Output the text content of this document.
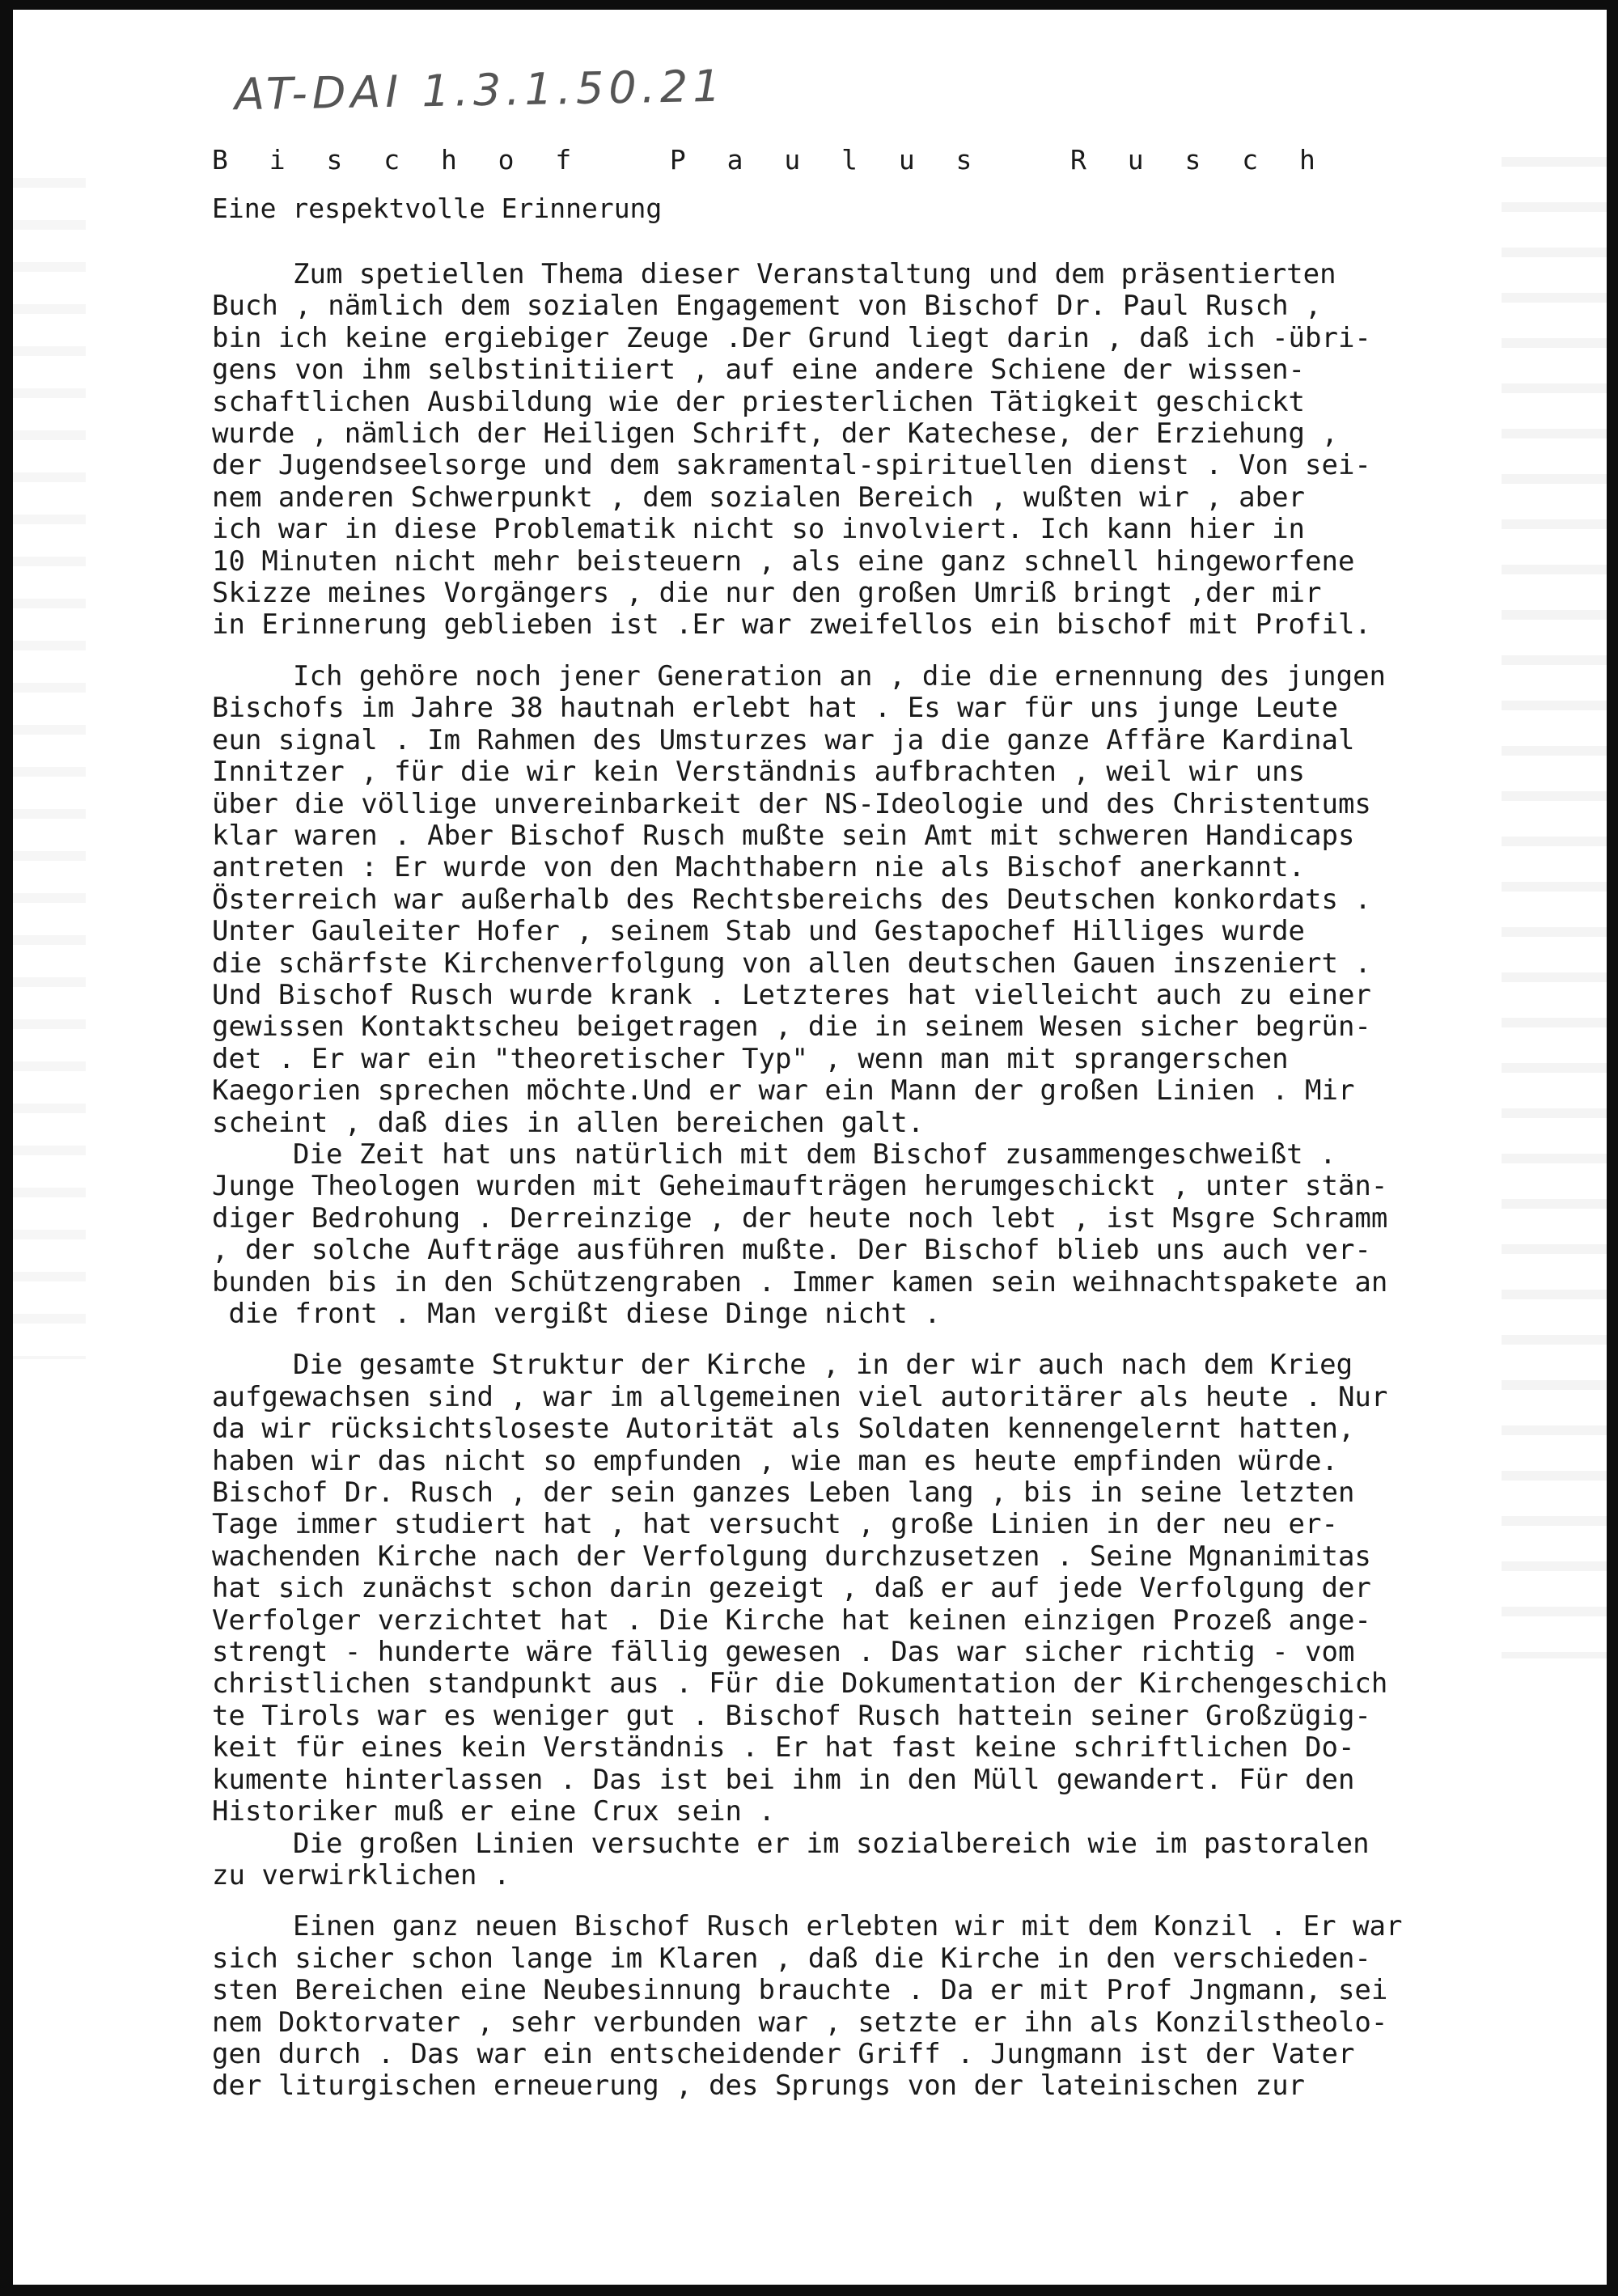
AT-DAI 1.3.1.50.21
B i s c h o f   P a u l u s   R u s c h
Eine respektvolle Erinnerung
Zum spetiellen Thema dieser Veranstaltung und dem präsentierten
Buch , nämlich dem sozialen Engagement von Bischof Dr. Paul Rusch ,
bin ich keine ergiebiger Zeuge .Der Grund liegt darin , daß ich -übri-
gens von ihm selbstinitiiert , auf eine andere Schiene der wissen-
schaftlichen Ausbildung wie der priesterlichen Tätigkeit geschickt
wurde , nämlich der Heiligen Schrift, der Katechese, der Erziehung ,
der Jugendseelsorge und dem sakramental-spirituellen dienst . Von sei-
nem anderen Schwerpunkt , dem sozialen Bereich , wußten wir , aber
ich war in diese Problematik nicht so involviert. Ich kann hier in
10 Minuten nicht mehr beisteuern , als eine ganz schnell hingeworfene
Skizze meines Vorgängers , die nur den großen Umriß bringt ,der mir
in Erinnerung geblieben ist .Er war zweifellos ein bischof mit Profil.
Ich gehöre noch jener Generation an , die die ernennung des jungen
Bischofs im Jahre 38 hautnah erlebt hat . Es war für uns junge Leute
eun signal . Im Rahmen des Umsturzes war ja die ganze Affäre Kardinal
Innitzer , für die wir kein Verständnis aufbrachten , weil wir uns
über die völlige unvereinbarkeit der NS-Ideologie und des Christentums
klar waren . Aber Bischof Rusch mußte sein Amt mit schweren Handicaps
antreten : Er wurde von den Machthabern nie als Bischof anerkannt.
Österreich war außerhalb des Rechtsbereichs des Deutschen konkordats .
Unter Gauleiter Hofer , seinem Stab und Gestapochef Hilliges wurde
die schärfste Kirchenverfolgung von allen deutschen Gauen inszeniert .
Und Bischof Rusch wurde krank . Letzteres hat vielleicht auch zu einer
gewissen Kontaktscheu beigetragen , die in seinem Wesen sicher begrün-
det . Er war ein "theoretischer Typ" , wenn man mit sprangerschen
Kaegorien sprechen möchte.Und er war ein Mann der großen Linien . Mir
scheint , daß dies in allen bereichen galt.
Die Zeit hat uns natürlich mit dem Bischof zusammengeschweißt .
Junge Theologen wurden mit Geheimaufträgen herumgeschickt , unter stän-
diger Bedrohung . Derreinzige , der heute noch lebt , ist Msgre Schramm
, der solche Aufträge ausführen mußte. Der Bischof blieb uns auch ver-
bunden bis in den Schützengraben . Immer kamen sein weihnachtspakete an
die front . Man vergißt diese Dinge nicht .
Die gesamte Struktur der Kirche , in der wir auch nach dem Krieg
aufgewachsen sind , war im allgemeinen viel autoritärer als heute . Nur
da wir rücksichtsloseste Autorität als Soldaten kennengelernt hatten,
haben wir das nicht so empfunden , wie man es heute empfinden würde.
Bischof Dr. Rusch , der sein ganzes Leben lang , bis in seine letzten
Tage immer studiert hat , hat versucht , große Linien in der neu er-
wachenden Kirche nach der Verfolgung durchzusetzen . Seine Mgnanimitas
hat sich zunächst schon darin gezeigt , daß er auf jede Verfolgung der
Verfolger verzichtet hat . Die Kirche hat keinen einzigen Prozeß ange-
strengt - hunderte wäre fällig gewesen . Das war sicher richtig - vom
christlichen standpunkt aus . Für die Dokumentation der Kirchengeschich
te Tirols war es weniger gut . Bischof Rusch hattein seiner Großzügig-
keit für eines kein Verständnis . Er hat fast keine schriftlichen Do-
kumente hinterlassen . Das ist bei ihm in den Müll gewandert. Für den
Historiker muß er eine Crux sein .
Die großen Linien versuchte er im sozialbereich wie im pastoralen
zu verwirklichen .
Einen ganz neuen Bischof Rusch erlebten wir mit dem Konzil . Er war
sich sicher schon lange im Klaren , daß die Kirche in den verschieden-
sten Bereichen eine Neubesinnung brauchte . Da er mit Prof Jngmann, sei
nem Doktorvater , sehr verbunden war , setzte er ihn als Konzilstheolo-
gen durch . Das war ein entscheidender Griff . Jungmann ist der Vater
der liturgischen erneuerung , des Sprungs von der lateinischen zur
